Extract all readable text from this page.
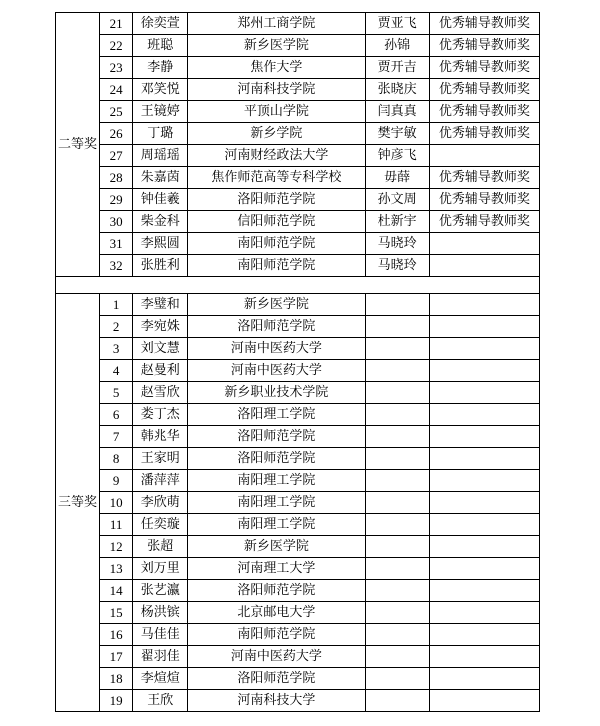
二等奖	21	徐奕萱	郑州工商学院	贾亚飞	优秀辅导教师奖
	22	班聪	新乡医学院	孙锦	优秀辅导教师奖
	23	李静	焦作大学	贾开吉	优秀辅导教师奖
	24	邓笑悦	河南科技学院	张晓庆	优秀辅导教师奖
	25	王镜婷	平顶山学院	闫真真	优秀辅导教师奖
	26	丁璐	新乡学院	樊宇敏	优秀辅导教师奖
	27	周瑶瑶	河南财经政法大学	钟彦飞	
	28	朱嘉茵	焦作师范高等专科学校	毋薛	优秀辅导教师奖
	29	钟佳羲	洛阳师范学院	孙文周	优秀辅导教师奖
	30	柴金科	信阳师范学院	杜新宇	优秀辅导教师奖
	31	李熙圆	南阳师范学院	马晓玲	
	32	张胜利	南阳师范学院	马晓玲	

三等奖	1	李璧和	新乡医学院		
	2	李宛姝	洛阳师范学院		
	3	刘文慧	河南中医药大学		
	4	赵曼利	河南中医药大学		
	5	赵雪欣	新乡职业技术学院		
	6	娄丁杰	洛阳理工学院		
	7	韩兆华	洛阳师范学院		
	8	王家明	洛阳师范学院		
	9	潘萍萍	南阳理工学院		
	10	李欣萌	南阳理工学院		
	11	任奕璇	南阳理工学院		
	12	张超	新乡医学院		
	13	刘万里	河南理工大学		
	14	张艺瀛	洛阳师范学院		
	15	杨洪镔	北京邮电大学		
	16	马佳佳	南阳师范学院		
	17	翟羽佳	河南中医药大学		
	18	李煊煊	洛阳师范学院		
	19	王欣	河南科技大学		
